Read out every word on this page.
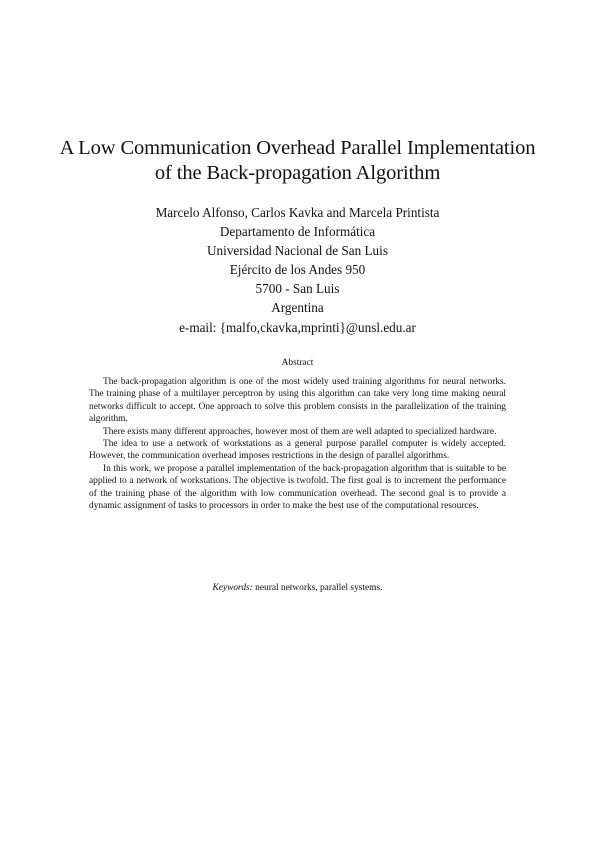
A Low Communication Overhead Parallel Implementation
of the Back-propagation Algorithm
Marcelo Alfonso, Carlos Kavka and Marcela Printista
Departamento de Informática
Universidad Nacional de San Luis
Ejército de los Andes 950
5700 - San Luis
Argentina
e-mail: {malfo,ckavka,mprinti}@unsl.edu.ar
Abstract

The back-propagation algorithm is one of the most widely used training algorithms for neural networks. The training phase of a multilayer perceptron by using this algorithm can take very long time making neural networks difficult to accept. One approach to solve this problem consists in the parallelization of the training algorithm.

There exists many different approaches, however most of them are well adapted to specialized hardware.

The idea to use a network of workstations as a general purpose parallel computer is widely accepted. However, the communication overhead imposes restrictions in the design of parallel algorithms.

In this work, we propose a parallel implementation of the back-propagation algorithm that is suitable to be applied to a network of workstations. The objective is twofold. The first goal is to increment the performance of the training phase of the algorithm with low communication overhead. The second goal is to provide a dynamic assignment of tasks to processors in order to make the best use of the computational resources.

Keywords: neural networks, parallel systems.
